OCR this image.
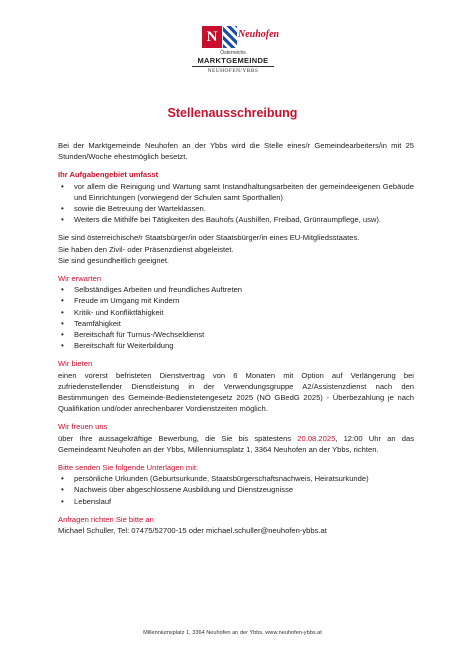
N	Neuhofen
Österreichs
MARKTGEMEINDE
NEUHOFEN/YBBS
Stellenausschreibung

Bei der Marktgemeinde Neuhofen an der Ybbs wird die Stelle eines/r Gemeindearbeiters/in mit 25 Stunden/Woche ehestmöglich besetzt.

Ihr Aufgabengebiet umfasst

• vor allem die Reinigung und Wartung samt Instandhaltungsarbeiten der gemeindeeigenen Gebäude und Einrichtungen (vorwiegend der Schulen samt Sporthallen)
• sowie die Betreuung der Warteklassen.
• Weiters die Mithilfe bei Tätigkeiten des Bauhofs (Aushilfen, Freibad, Grünraumpflege, usw).

Sie sind österreichische/r Staatsbürger/in oder Staatsbürger/in eines EU-Mitgliedsstaates.

Sie haben den Zivil- oder Präsenzdienst abgeleistet.

Sie sind gesundheitlich geeignet.

Wir erwarten

• Selbständiges Arbeiten und freundliches Auftreten
• Freude im Umgang mit Kindern
• Kritik- und Konfliktfähigkeit
• Teamfähigkeit
• Bereitschaft für Turnus-/Wechseldienst
• Bereitschaft für Weiterbildung

Wir bieten

einen vorerst befristeten Dienstvertrag von 6 Monaten mit Option auf Verlängerung bei zufriedenstellender Dienstleistung in der Verwendungsgruppe A2/Assistenzdienst nach den Bestimmungen des Gemeinde-Bedienstetengesetz 2025 (NÖ GBedG 2025) - Überbezahlung je nach Qualifikation und/oder anrechenbarer Vordienstzeiten möglich.

Wir freuen uns

über Ihre aussagekräftige Bewerbung, die Sie bis spätestens 20.08.2025, 12:00 Uhr an das Gemeindeamt Neuhofen an der Ybbs, Millenniumsplatz 1, 3364 Neuhofen an der Ybbs, richten.

Bitte senden Sie folgende Unterlagen mit:

• persönliche Urkunden (Geburtsurkunde, Staatsbürgerschaftsnachweis, Heiratsurkunde)
• Nachweis über abgeschlossene Ausbildung und Dienstzeugnisse
• Lebenslauf

Anfragen richten Sie bitte an

Michael Schuller, Tel: 07475/52700-15 oder michael.schuller@neuhofen-ybbs.at

Millenniumsplatz 1, 3364 Neuhofen an der Ybbs, www.neuhofen-ybbs.at
